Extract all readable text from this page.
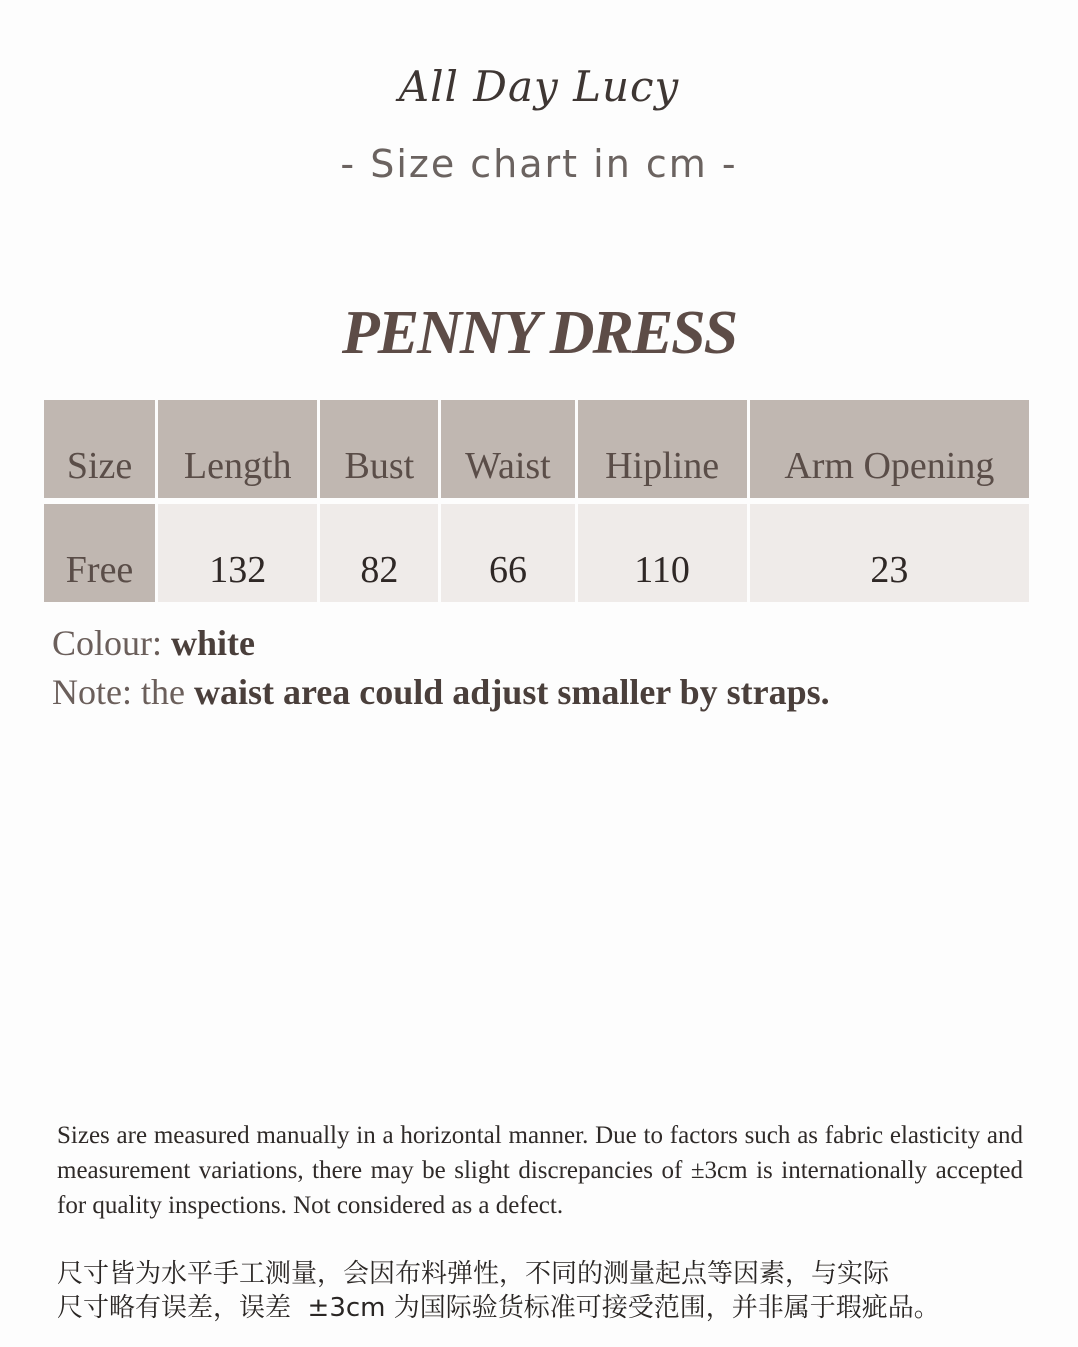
All Day Lucy
- Size chart in cm -
PENNY DRESS
Size	Length	Bust	Waist	Hipline	Arm Opening

Free	132	82	66	110	23
Colour: white
Note: the waist area could adjust smaller by straps.
Sizes are measured manually in a horizontal manner. Due to factors such as fabric elasticity and measurement variations, there may be slight discrepancies of ±3cm is internationally accepted for quality inspections. Not considered as a defect.
尺寸皆为水平手工测量，会因布料弹性，不同的测量起点等因素，与实际
尺寸略有误差，误差  ±3cm 为国际验货标准可接受范围，并非属于瑕疵品。
